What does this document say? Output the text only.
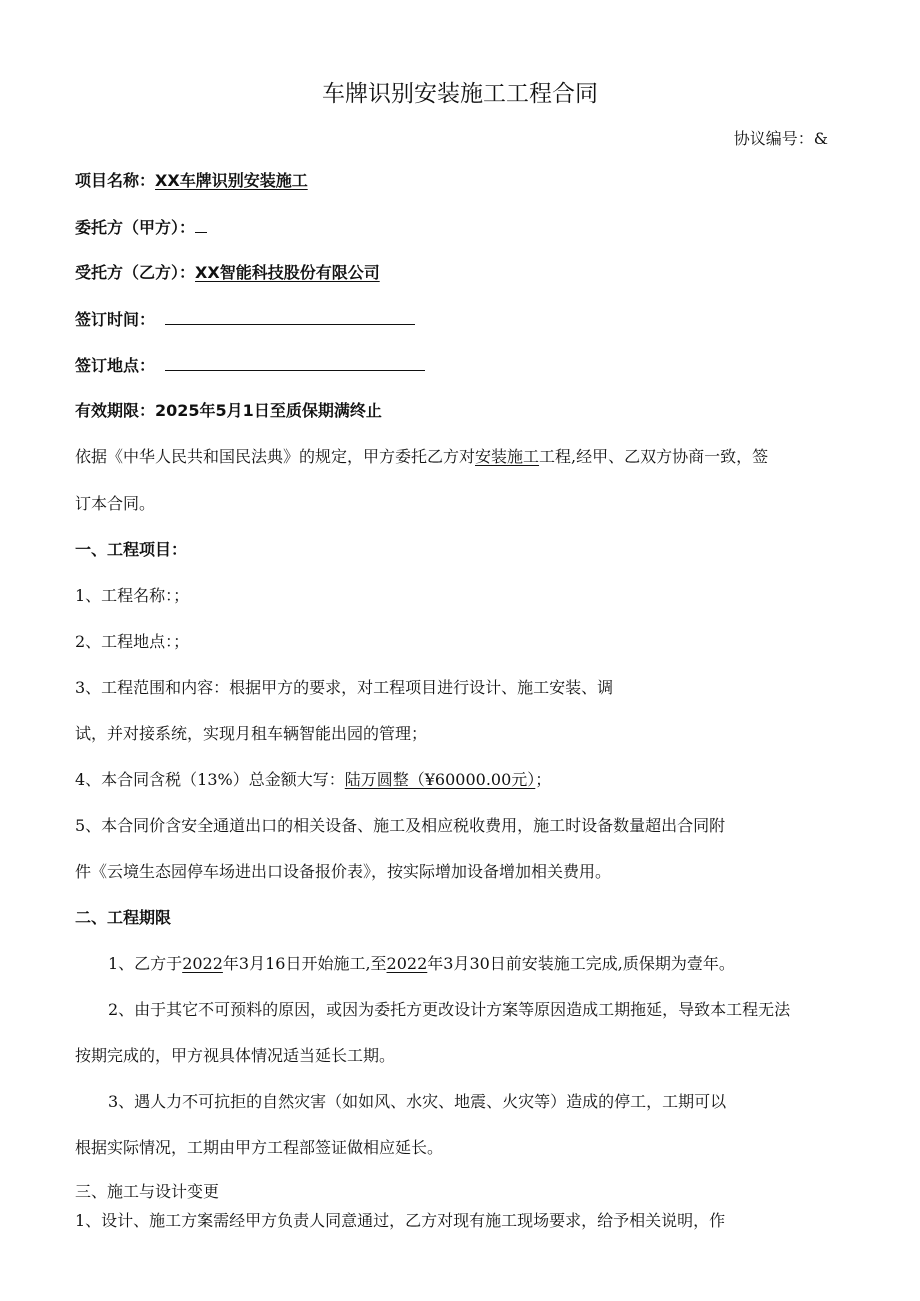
车牌识别安装施工工程合同

协议编号：&

项目名称：XX车牌识别安装施工

委托方（甲方）：

受托方（乙方）：XX智能科技股份有限公司

签订时间：

签订地点：

有效期限：2025年5月1日至质保期满终止

依据《中华人民共和国民法典》的规定，甲方委托乙方对安装施工工程,经甲、乙双方协商一致，签

订本合同。

一、工程项目：

1、工程名称：；

2、工程地点：；

3、工程范围和内容：根据甲方的要求，对工程项目进行设计、施工安装、调

试，并对接系统，实现月租车辆智能出园的管理；

4、本合同含税（13%）总金额大写：陆万圆整（¥60000.00元）；

5、本合同价含安全通道出口的相关设备、施工及相应税收费用，施工时设备数量超出合同附

件《云境生态园停车场进出口设备报价表》，按实际增加设备增加相关费用。

二、工程期限

1、乙方于2022年3月16日开始施工,至2022年3月30日前安装施工完成,质保期为壹年。

2、由于其它不可预料的原因，或因为委托方更改设计方案等原因造成工期拖延，导致本工程无法

按期完成的，甲方视具体情况适当延长工期。

3、遇人力不可抗拒的自然灾害（如如风、水灾、地震、火灾等）造成的停工，工期可以

根据实际情况，工期由甲方工程部签证做相应延长。

三、施工与设计变更

1、设计、施工方案需经甲方负责人同意通过，乙方对现有施工现场要求，给予相关说明，作
